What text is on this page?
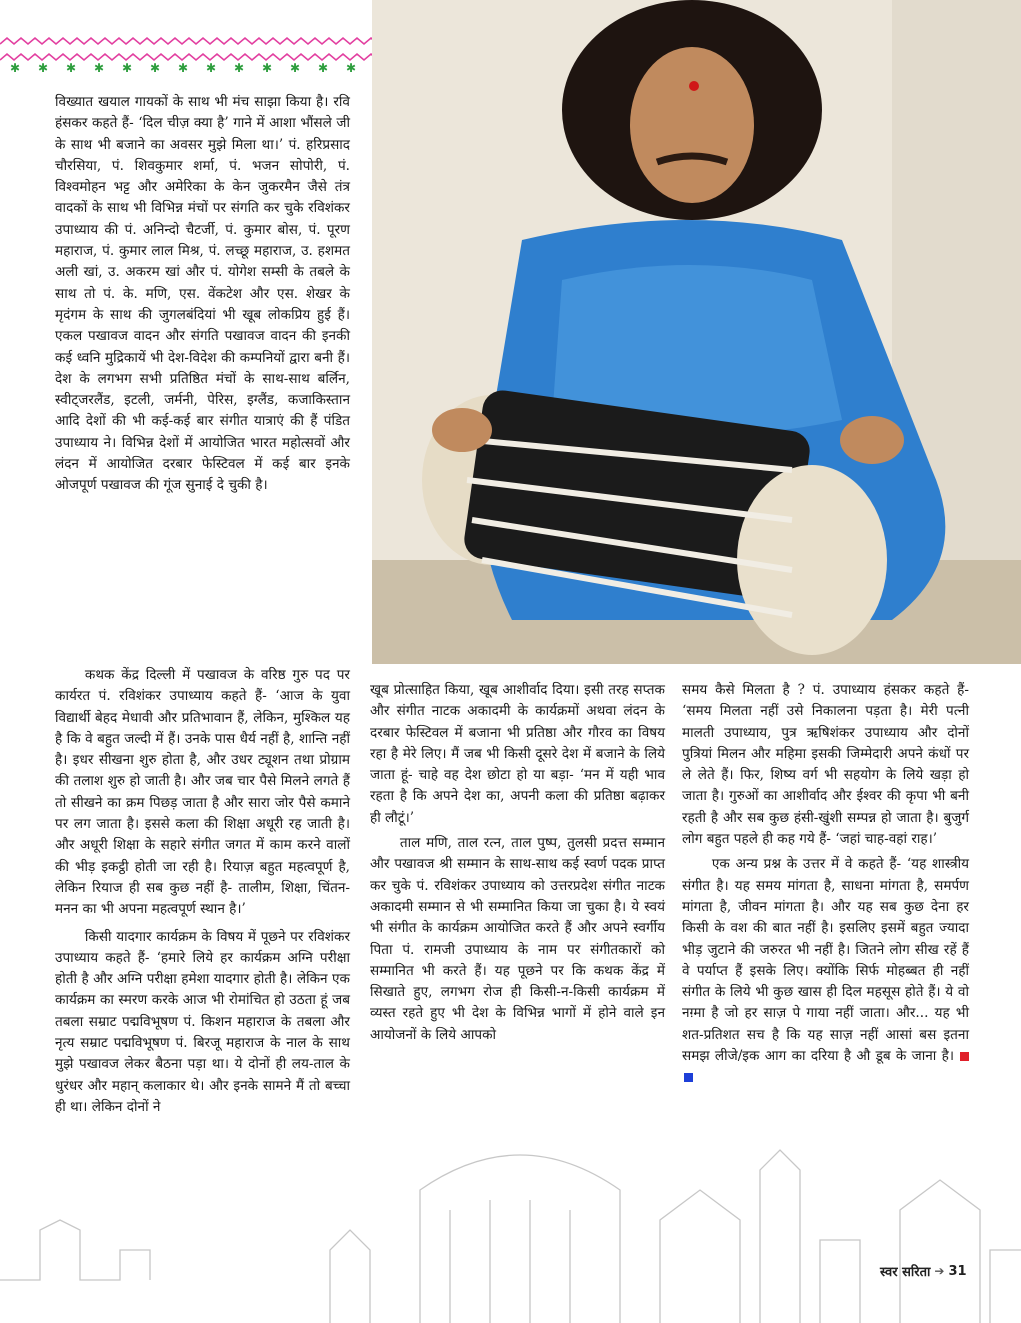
✱ ✱ ✱ ✱ ✱ ✱ ✱ ✱ ✱ ✱ ✱ ✱ ✱

विख्यात खयाल गायकों के साथ भी मंच साझा किया है। रवि हंसकर कहते हैं- ‘दिल चीज़ क्या है’ गाने में आशा भौंसले जी के साथ भी बजाने का अवसर मुझे मिला था।’ पं. हरिप्रसाद चौरसिया, पं. शिवकुमार शर्मा, पं. भजन सोपोरी, पं. विश्वमोहन भट्ट और अमेरिका के केन जुकरमैन जैसे तंत्र वादकों के साथ भी विभिन्न मंचों पर संगति कर चुके रविशंकर उपाध्याय की पं. अनिन्दो चैटर्जी, पं. कुमार बोस, पं. पूरण महाराज, पं. कुमार लाल मिश्र, पं. लच्छू महाराज, उ. हशमत अली खां, उ. अकरम खां और पं. योगेश सम्सी के तबले के साथ तो पं. के. मणि, एस. वेंकटेश और एस. शेखर के मृदंगम के साथ की जुगलबंदियां भी खूब लोकप्रिय हुई हैं। एकल पखावज वादन और संगति पखावज वादन की इनकी कई ध्वनि मुद्रिकायें भी देश-विदेश की कम्पनियों द्वारा बनी हैं। देश के लगभग सभी प्रतिष्ठित मंचों के साथ-साथ बर्लिन, स्वीट्जरलैंड, इटली, जर्मनी, पेरिस, इग्लैंड, कजाकिस्तान आदि देशों की भी कई-कई बार संगीत यात्राएं की हैं पंडित उपाध्याय ने। विभिन्न देशों में आयोजित भारत महोत्सवों और लंदन में आयोजित दरबार फेस्टिवल में कई बार इनके ओजपूर्ण पखावज की गूंज सुनाई दे चुकी है।

कथक केंद्र दिल्ली में पखावज के वरिष्ठ गुरु पद पर कार्यरत पं. रविशंकर उपाध्याय कहते हैं- ‘आज के युवा विद्यार्थी बेहद मेधावी और प्रतिभावान हैं, लेकिन, मुश्किल यह है कि वे बहुत जल्दी में हैं। उनके पास धैर्य नहीं है, शान्ति नहीं है। इधर सीखना शुरु होता है, और उधर ट्यूशन तथा प्रोग्राम की तलाश शुरु हो जाती है। और जब चार पैसे मिलने लगते हैं तो सीखने का क्रम पिछड़ जाता है और सारा जोर पैसे कमाने पर लग जाता है। इससे कला की शिक्षा अधूरी रह जाती है। और अधूरी शिक्षा के सहारे संगीत जगत में काम करने वालों की भीड़ इकट्ठी होती जा रही है। रियाज़ बहुत महत्वपूर्ण है, लेकिन रियाज ही सब कुछ नहीं है- तालीम, शिक्षा, चिंतन-मनन का भी अपना महत्वपूर्ण स्थान है।’

किसी यादगार कार्यक्रम के विषय में पूछने पर रविशंकर उपाध्याय कहते हैं- ‘हमारे लिये हर कार्यक्रम अग्नि परीक्षा होती है और अग्नि परीक्षा हमेशा यादगार होती है। लेकिन एक कार्यक्रम का स्मरण करके आज भी रोमांचित हो उठता हूं जब तबला सम्राट पद्मविभूषण पं. किशन महाराज के तबला और नृत्य सम्राट पद्मविभूषण पं. बिरजू महाराज के नाल के साथ मुझे पखावज लेकर बैठना पड़ा था। ये दोनों ही लय-ताल के धुरंधर और महान् कलाकार थे। और इनके सामने मैं तो बच्चा ही था। लेकिन दोनों ने

खूब प्रोत्साहित किया, खूब आशीर्वाद दिया। इसी तरह सप्तक और संगीत नाटक अकादमी के कार्यक्रमों अथवा लंदन के दरबार फेस्टिवल में बजाना भी प्रतिष्ठा और गौरव का विषय रहा है मेरे लिए। मैं जब भी किसी दूसरे देश में बजाने के लिये जाता हूं- चाहे वह देश छोटा हो या बड़ा- ‘मन में यही भाव रहता है कि अपने देश का, अपनी कला की प्रतिष्ठा बढ़ाकर ही लौटूं।’

ताल मणि, ताल रत्न, ताल पुष्प, तुलसी प्रदत्त सम्मान और पखावज श्री सम्मान के साथ-साथ कई स्वर्ण पदक प्राप्त कर चुके पं. रविशंकर उपाध्याय को उत्तरप्रदेश संगीत नाटक अकादमी सम्मान से भी सम्मानित किया जा चुका है। ये स्वयं भी संगीत के कार्यक्रम आयोजित करते हैं और अपने स्वर्गीय पिता पं. रामजी उपाध्याय के नाम पर संगीतकारों को सम्मानित भी करते हैं। यह पूछने पर कि कथक केंद्र में सिखाते हुए, लगभग रोज ही किसी-न-किसी कार्यक्रम में व्यस्त रहते हुए भी देश के विभिन्न भागों में होने वाले इन आयोजनों के लिये आपको

समय कैसे मिलता है ? पं. उपाध्याय हंसकर कहते हैं- ‘समय मिलता नहीं उसे निकालना पड़ता है। मेरी पत्नी मालती उपाध्याय, पुत्र ऋषिशंकर उपाध्याय और दोनों पुत्रियां मिलन और महिमा इसकी जिम्मेदारी अपने कंधों पर ले लेते हैं। फिर, शिष्य वर्ग भी सहयोग के लिये खड़ा हो जाता है। गुरुओं का आशीर्वाद और ईश्वर की कृपा भी बनी रहती है और सब कुछ हंसी-खुंशी सम्पन्न हो जाता है। बुजुर्ग लोग बहुत पहले ही कह गये हैं- ‘जहां चाह-वहां राह।’

एक अन्य प्रश्न के उत्तर में वे कहते हैं- ‘यह शास्त्रीय संगीत है। यह समय मांगता है, साधना मांगता है, समर्पण मांगता है, जीवन मांगता है। और यह सब कुछ देना हर किसी के वश की बात नहीं है। इसलिए इसमें बहुत ज्यादा भीड़ जुटाने की जरुरत भी नहीं है। जितने लोग सीख रहें हैं वे पर्याप्त हैं इसके लिए। क्योंकि सिर्फ मोहब्बत ही नहीं संगीत के लिये भी कुछ खास ही दिल महसूस होते हैं। ये वो नग़्मा है जो हर साज़ पे गाया नहीं जाता। और... यह भी शत-प्रतिशत सच है कि यह साज़ नहीं आसां बस इतना समझ लीजे/इक आग का दरिया है औ डूब के जाना है।

स्वर सरिता ➔ 31
